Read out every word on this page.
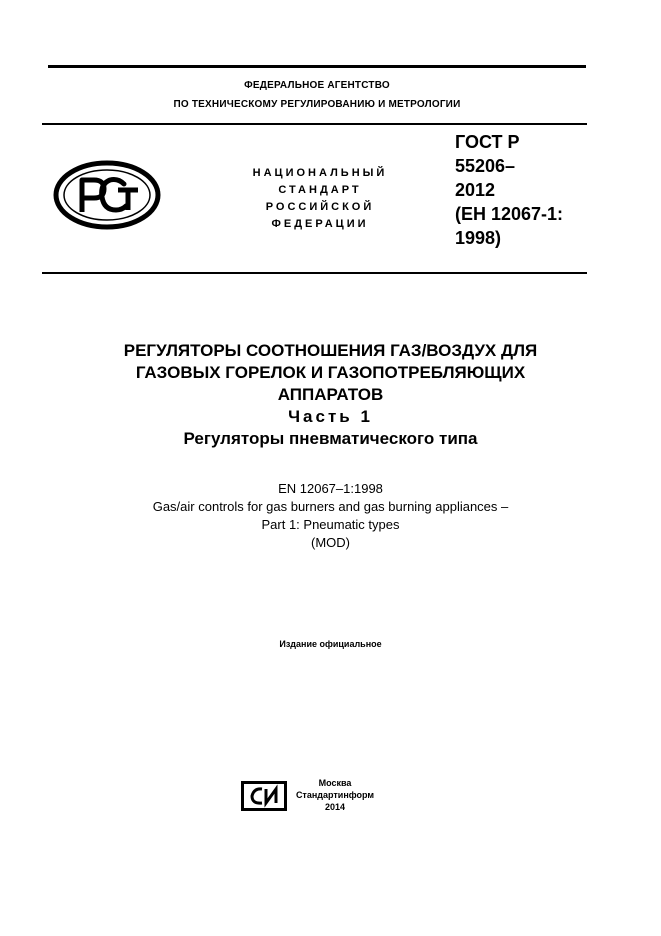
ФЕДЕРАЛЬНОЕ АГЕНТСТВО
ПО ТЕХНИЧЕСКОМУ РЕГУЛИРОВАНИЮ И МЕТРОЛОГИИ
РСТ
НАЦИОНАЛЬНЫЙ
СТАНДАРТ
РОССИЙСКОЙ
ФЕДЕРАЦИИ
ГОСТ Р
55206–
2012
(ЕН 12067-1:
1998)
РЕГУЛЯТОРЫ СООТНОШЕНИЯ ГАЗ/ВОЗДУХ ДЛЯ
ГАЗОВЫХ ГОРЕЛОК И ГАЗОПОТРЕБЛЯЮЩИХ
АППАРАТОВ
Часть 1
Регуляторы пневматического типа
EN 12067–1:1998
Gas/air controls for gas burners and gas burning appliances –
Part 1: Pneumatic types
(MOD)
Издание официальное
Москва
Стандартинформ
2014
